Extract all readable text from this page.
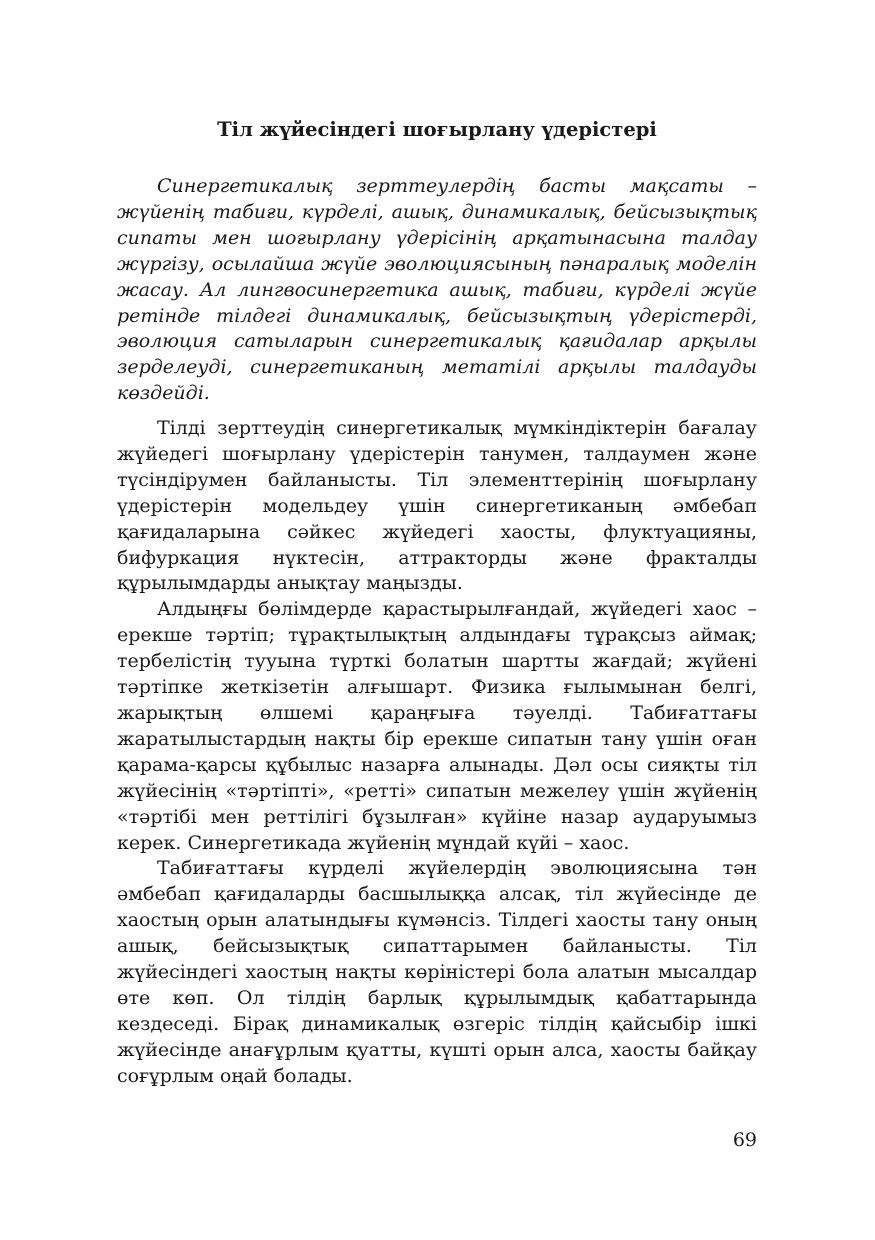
Тіл жүйесіндегі шоғырлану үдерістері

Синергетикалық зерттеулердің басты мақсаты – жүйенің табиғи, күрделі, ашық, динамикалық, бейсызықтық сипаты мен шоғырлану үдерісінің арқатынасына талдау жүргізу, осылайша жүйе эволюциясының пәнаралық моделін жасау. Ал лингвосинергетика ашық, табиғи, күрделі жүйе ретінде тілдегі динамикалық, бейсызықтың үдерістерді, эволюция сатыларын синергетикалық қағидалар арқылы зерделеуді, синергетиканың метатілі арқылы талдауды көздейді.

Тілді зерттеудің синергетикалық мүмкіндіктерін бағалау жүйедегі шоғырлану үдерістерін танумен, талдаумен және түсіндірумен байланысты. Тіл элементтерінің шоғырлану үдерістерін модельдеу үшін синергетиканың әмбебап қағидаларына сәйкес жүйедегі хаосты, флуктуацияны, бифуркация нүктесін, аттракторды және фракталды құрылымдарды анықтау маңызды.

Алдыңғы бөлімдерде қарастырылғандай, жүйедегі хаос – ерекше тәртіп; тұрақтылықтың алдындағы тұрақсыз аймақ; тербелістің тууына түрткі болатын шартты жағдай; жүйені тәртіпке жеткізетін алғышарт. Физика ғылымынан белгі, жарықтың өлшемі қараңғыға тәуелді. Табиғаттағы жаратылыстардың нақты бір ерекше сипатын тану үшін оған қарама-қарсы құбылыс назарға алынады. Дәл осы сияқты тіл жүйесінің «тәртіпті», «ретті» сипатын межелеу үшін жүйенің «тәртібі мен реттілігі бұзылған» күйіне назар аударуымыз керек. Синергетикада жүйенің мұндай күйі – хаос.

Табиғаттағы күрделі жүйелердің эволюциясына тән әмбебап қағидаларды басшылыққа алсақ, тіл жүйесінде де хаостың орын алатындығы күмәнсіз. Тілдегі хаосты тану оның ашық, бейсызықтық сипаттарымен байланысты. Тіл жүйесіндегі хаостың нақты көріністері бола алатын мысалдар өте көп. Ол тілдің барлық құрылымдық қабаттарында кездеседі. Бірақ динамикалық өзгеріс тілдің қайсыбір ішкі жүйесінде анағұрлым қуатты, күшті орын алса, хаосты байқау соғұрлым оңай болады.

69
